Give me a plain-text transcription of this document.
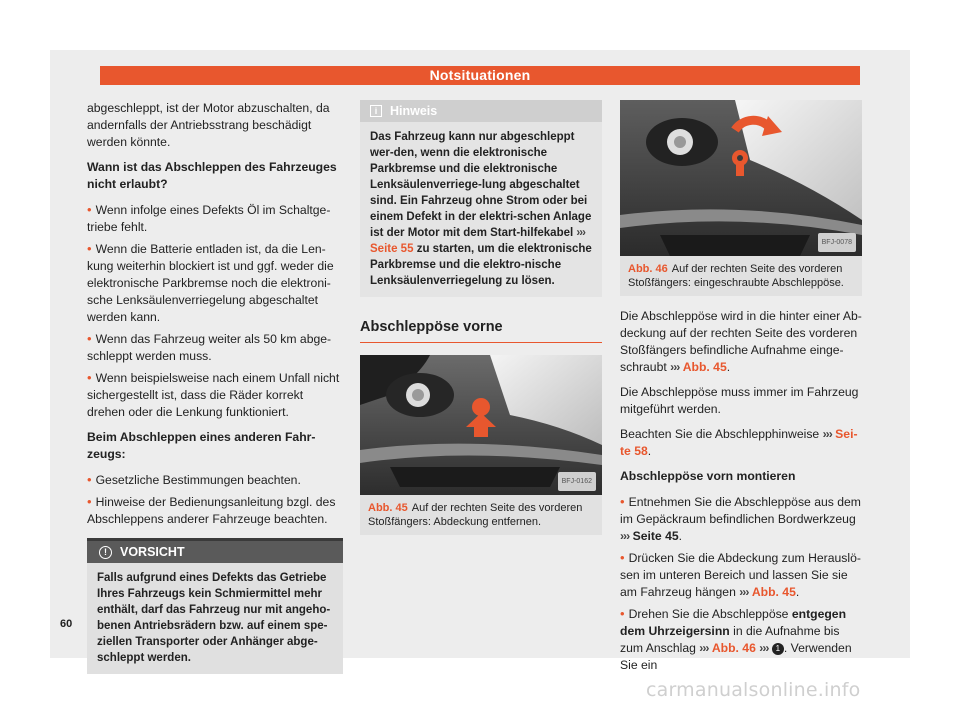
Notsituationen

abgeschleppt, ist der Motor abzuschalten, da andernfalls der Antriebsstrang beschädigt werden könnte.

Wann ist das Abschleppen des Fahrzeuges nicht erlaubt?

• Wenn infolge eines Defekts Öl im Schaltge-triebe fehlt.

• Wenn die Batterie entladen ist, da die Len-kung weiterhin blockiert ist und ggf. weder die elektronische Parkbremse noch die elektroni-sche Lenksäulenverriegelung abgeschaltet werden kann.

• Wenn das Fahrzeug weiter als 50 km abge-schleppt werden muss.

• Wenn beispielsweise nach einem Unfall nicht sichergestellt ist, dass die Räder korrekt drehen oder die Lenkung funktioniert.

Beim Abschleppen eines anderen Fahr-zeugs:

• Gesetzliche Bestimmungen beachten.

• Hinweise der Bedienungsanleitung bzgl. des Abschleppens anderer Fahrzeuge beachten.

!	VORSICHT
Falls aufgrund eines Defekts das Getriebe Ihres Fahrzeugs kein Schmiermittel mehr enthält, darf das Fahrzeug nur mit angeho-benen Antriebsrädern bzw. auf einem spe-ziellen Transporter oder Anhänger abge-schleppt werden.
i	Hinweis
Das Fahrzeug kann nur abgeschleppt wer-den, wenn die elektronische Parkbremse und die elektronische Lenksäulenverriege-lung abgeschaltet sind. Ein Fahrzeug ohne Strom oder bei einem Defekt in der elektri-schen Anlage ist der Motor mit dem Start-hilfekabel ››› Seite 55 zu starten, um die elektronische Parkbremse und die elektro-nische Lenksäulenverriegelung zu lösen.
Abschleppöse vorne
BFJ-0162
Abb. 45 Auf der rechten Seite des vorderen Stoßfängers: Abdeckung entfernen.
BFJ-0078
Abb. 46 Auf der rechten Seite des vorderen Stoßfängers: eingeschraubte Abschleppöse.

Die Abschleppöse wird in die hinter einer Ab-deckung auf der rechten Seite des vorderen Stoßfängers befindliche Aufnahme einge-schraubt ››› Abb. 45.

Die Abschleppöse muss immer im Fahrzeug mitgeführt werden.

Beachten Sie die Abschlepphinweise ››› Sei-te 58.

Abschleppöse vorn montieren

• Entnehmen Sie die Abschleppöse aus dem im Gepäckraum befindlichen Bordwerkzeug ››› Seite 45.

• Drücken Sie die Abdeckung zum Herauslö-sen im unteren Bereich und lassen Sie sie am Fahrzeug hängen ››› Abb. 45.

• Drehen Sie die Abschleppöse entgegen dem Uhrzeigersinn in die Aufnahme bis zum Anschlag ››› Abb. 46 ››› 1 . Verwenden Sie ein

60
carmanualsonline.info
